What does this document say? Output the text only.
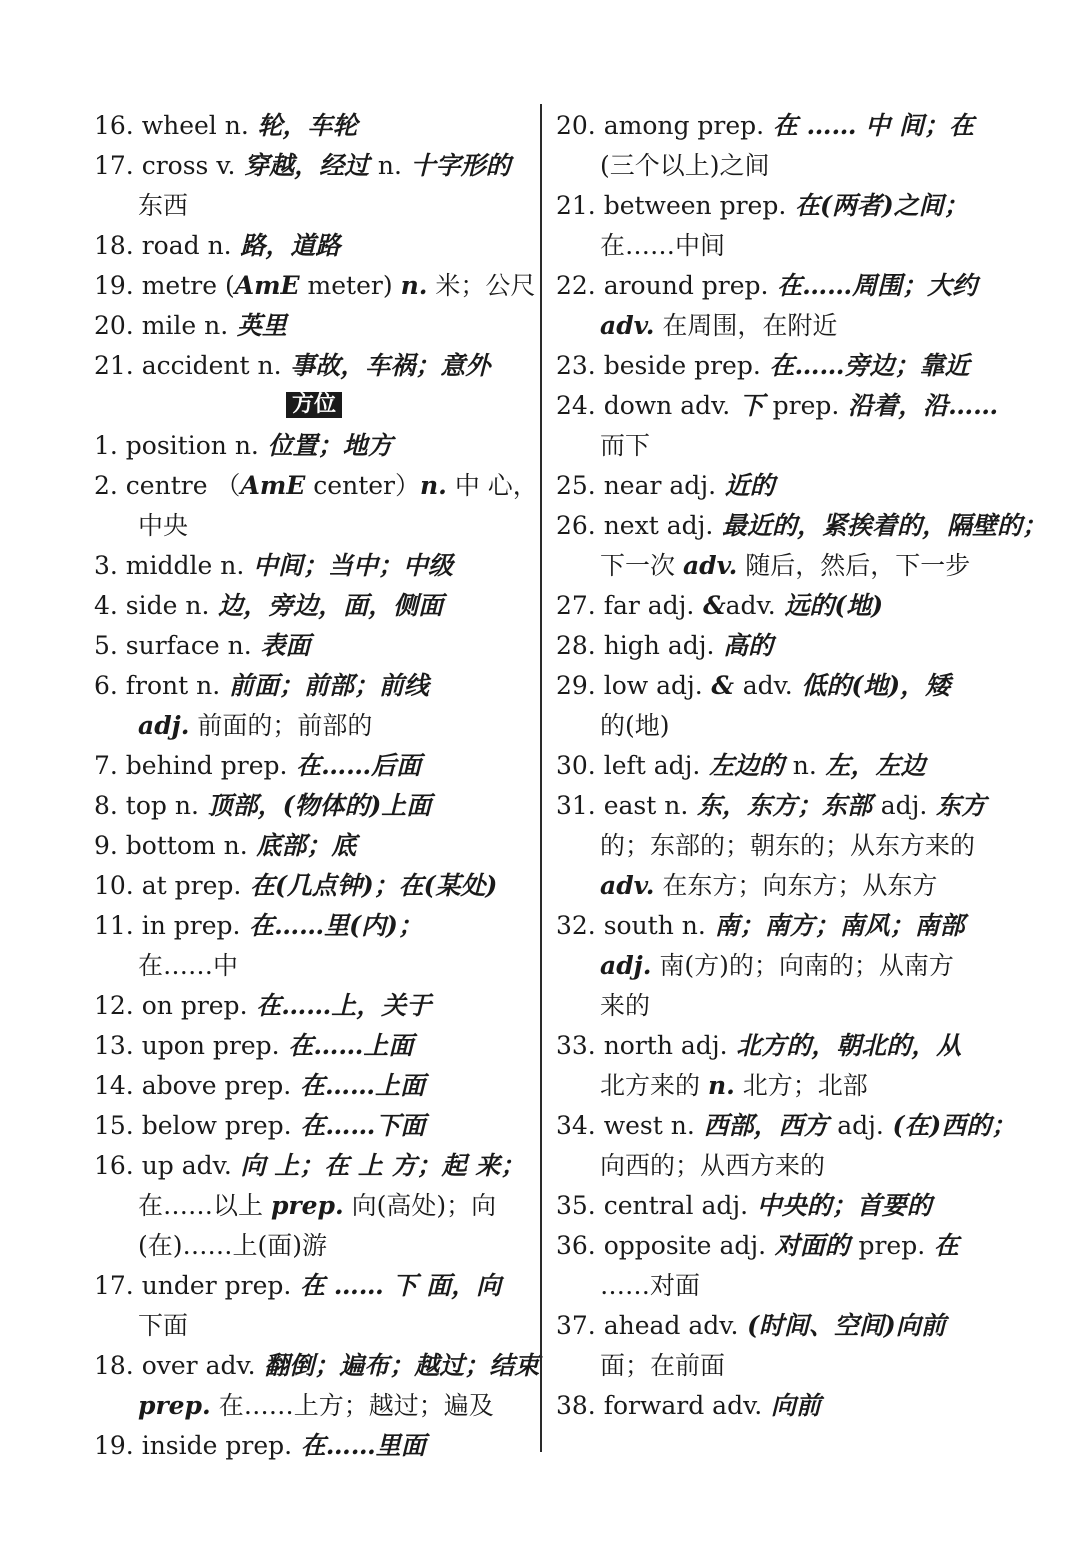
16. wheel n. 轮，车轮
17. cross v. 穿越，经过 n. 十字形的
东西
18. road n. 路，道路
19. metre (AmE meter) n. 米；公尺
20. mile n. 英里
21. accident n. 事故，车祸；意外
方位
1. position n. 位置；地方
2. centre （AmE center）n. 中 心，
中央
3. middle n. 中间；当中；中级
4. side n. 边，旁边，面，侧面
5. surface n. 表面
6. front n. 前面；前部；前线
adj. 前面的；前部的
7. behind prep. 在……后面
8. top n. 顶部，(物体的)上面
9. bottom n. 底部；底
10. at prep. 在(几点钟)；在(某处)
11. in prep. 在……里(内)；
在……中
12. on prep. 在……上，关于
13. upon prep. 在……上面
14. above prep. 在……上面
15. below prep. 在……下面
16. up adv. 向 上；在 上 方；起 来；
在……以上 prep. 向(高处)；向
(在)……上(面)游
17. under prep. 在 …… 下 面，向
下面
18. over adv. 翻倒；遍布；越过；结束
prep. 在……上方；越过；遍及
19. inside prep. 在……里面
20. among prep. 在 …… 中 间；在
(三个以上)之间
21. between prep. 在(两者)之间；
在……中间
22. around prep. 在……周围；大约
adv. 在周围，在附近
23. beside prep. 在……旁边；靠近
24. down adv. 下 prep. 沿着，沿……
而下
25. near adj. 近的
26. next adj. 最近的，紧挨着的，隔壁的；
下一次 adv. 随后，然后，下一步
27. far adj. &adv. 远的(地)
28. high adj. 高的
29. low adj. & adv. 低的(地)，矮
的(地)
30. left adj. 左边的 n. 左，左边
31. east n. 东，东方；东部 adj. 东方
的；东部的；朝东的；从东方来的
adv. 在东方；向东方；从东方
32. south n. 南；南方；南风；南部
adj. 南(方)的；向南的；从南方
来的
33. north adj. 北方的，朝北的，从
北方来的 n. 北方；北部
34. west n. 西部，西方 adj. (在)西的；
向西的；从西方来的
35. central adj. 中央的；首要的
36. opposite adj. 对面的 prep. 在
……对面
37. ahead adv. (时间、空间)向前
面；在前面
38. forward adv. 向前
